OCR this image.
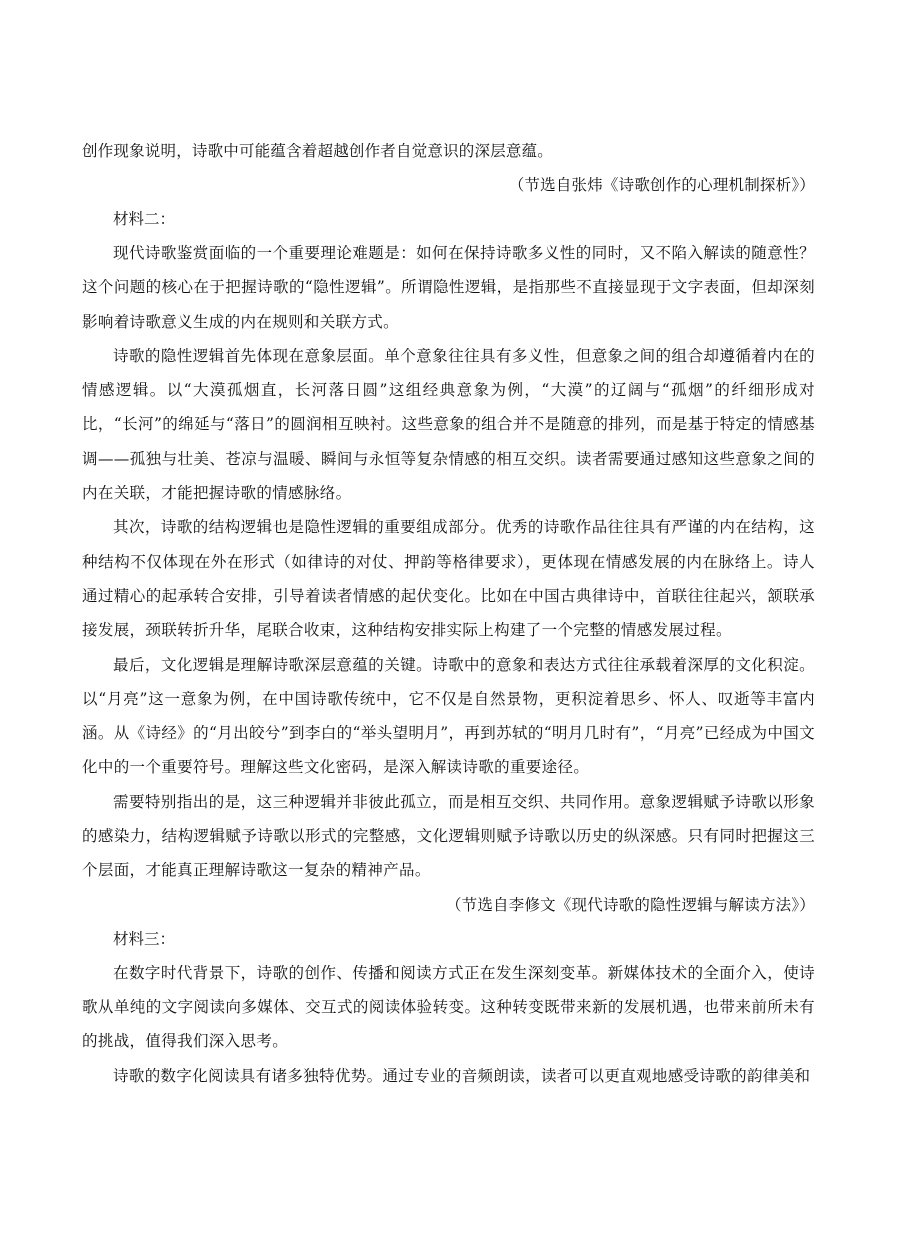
创作现象说明，诗歌中可能蕴含着超越创作者自觉意识的深层意蕴。

（节选自张炜《诗歌创作的心理机制探析》）

材料二：

现代诗歌鉴赏面临的一个重要理论难题是：如何在保持诗歌多义性的同时，又不陷入解读的随意性？这个问题的核心在于把握诗歌的“隐性逻辑”。所谓隐性逻辑，是指那些不直接显现于文字表面，但却深刻影响着诗歌意义生成的内在规则和关联方式。

诗歌的隐性逻辑首先体现在意象层面。单个意象往往具有多义性，但意象之间的组合却遵循着内在的情感逻辑。以“大漠孤烟直，长河落日圆”这组经典意象为例，“大漠”的辽阔与“孤烟”的纤细形成对比，“长河”的绵延与“落日”的圆润相互映衬。这些意象的组合并不是随意的排列，而是基于特定的情感基调——孤独与壮美、苍凉与温暖、瞬间与永恒等复杂情感的相互交织。读者需要通过感知这些意象之间的内在关联，才能把握诗歌的情感脉络。

其次，诗歌的结构逻辑也是隐性逻辑的重要组成部分。优秀的诗歌作品往往具有严谨的内在结构，这种结构不仅体现在外在形式（如律诗的对仗、押韵等格律要求），更体现在情感发展的内在脉络上。诗人通过精心的起承转合安排，引导着读者情感的起伏变化。比如在中国古典律诗中，首联往往起兴，颔联承接发展，颈联转折升华，尾联合收束，这种结构安排实际上构建了一个完整的情感发展过程。

最后，文化逻辑是理解诗歌深层意蕴的关键。诗歌中的意象和表达方式往往承载着深厚的文化积淀。以“月亮”这一意象为例，在中国诗歌传统中，它不仅是自然景物，更积淀着思乡、怀人、叹逝等丰富内涵。从《诗经》的“月出皎兮”到李白的“举头望明月”，再到苏轼的“明月几时有”，“月亮”已经成为中国文化中的一个重要符号。理解这些文化密码，是深入解读诗歌的重要途径。

需要特别指出的是，这三种逻辑并非彼此孤立，而是相互交织、共同作用。意象逻辑赋予诗歌以形象的感染力，结构逻辑赋予诗歌以形式的完整感，文化逻辑则赋予诗歌以历史的纵深感。只有同时把握这三个层面，才能真正理解诗歌这一复杂的精神产品。

（节选自李修文《现代诗歌的隐性逻辑与解读方法》）

材料三：

在数字时代背景下，诗歌的创作、传播和阅读方式正在发生深刻变革。新媒体技术的全面介入，使诗歌从单纯的文字阅读向多媒体、交互式的阅读体验转变。这种转变既带来新的发展机遇，也带来前所未有的挑战，值得我们深入思考。

诗歌的数字化阅读具有诸多独特优势。通过专业的音频朗读，读者可以更直观地感受诗歌的韵律美和
